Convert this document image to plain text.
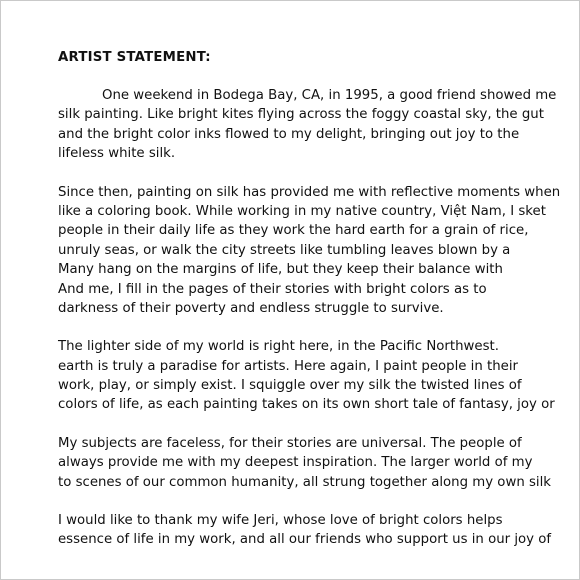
ARTIST STATEMENT:
One weekend in Bodega Bay, CA, in 1995, a good friend showed me
silk painting. Like bright kites flying across the foggy coastal sky, the gut
and the bright color inks flowed to my delight, bringing out joy to the
lifeless white silk.
Since then, painting on silk has provided me with reflective moments when
like a coloring book. While working in my native country, Việt Nam, I sket
people in their daily life as they work the hard earth for a grain of rice,
unruly seas, or walk the city streets like tumbling leaves blown by a
Many hang on the margins of life, but they keep their balance with
And me, I fill in the pages of their stories with bright colors as to
darkness of their poverty and endless struggle to survive.
The lighter side of my world is right here, in the Pacific Northwest.
earth is truly a paradise for artists. Here again, I paint people in their
work, play, or simply exist. I squiggle over my silk the twisted lines of
colors of life, as each painting takes on its own short tale of fantasy, joy or
My subjects are faceless, for their stories are universal. The people of
always provide me with my deepest inspiration. The larger world of my
to scenes of our common humanity, all strung together along my own silk
I would like to thank my wife Jeri, whose love of bright colors helps
essence of life in my work, and all our friends who support us in our joy of
